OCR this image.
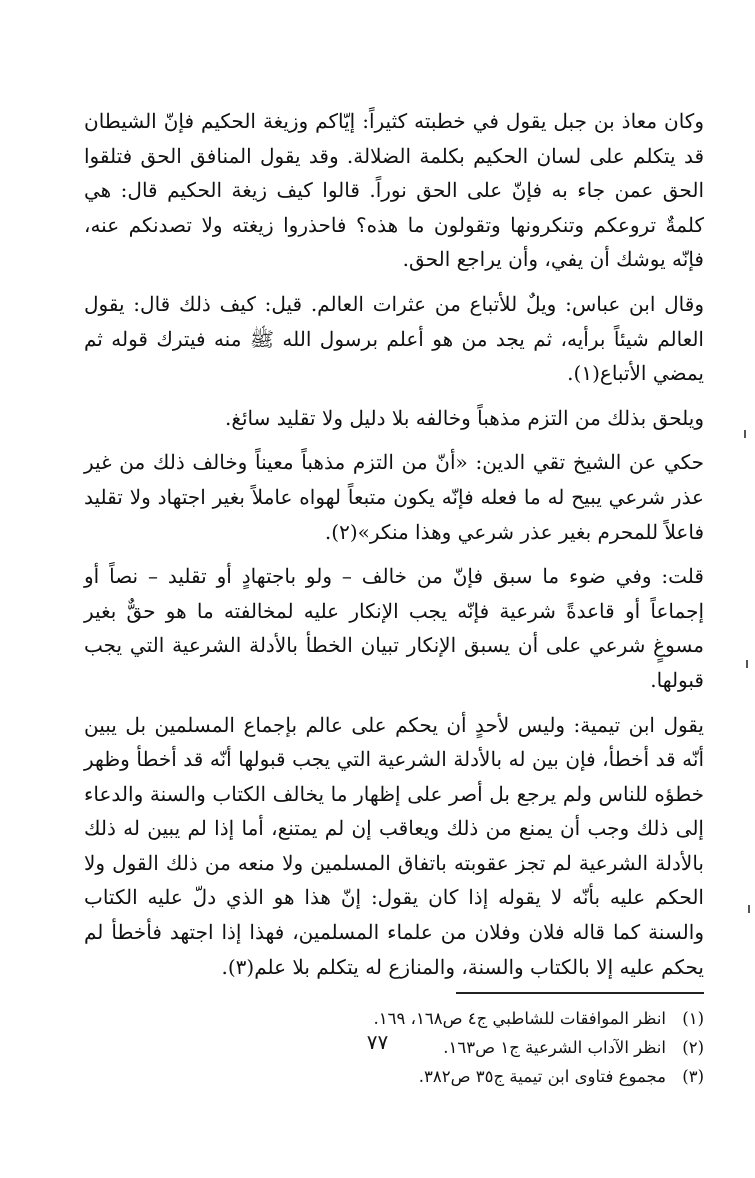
وكان معاذ بن جبل يقول في خطبته كثيراً: إيّاكم وزيغة الحكيم فإنّ الشيطان قد يتكلم على لسان الحكيم بكلمة الضلالة. وقد يقول المنافق الحق فتلقوا الحق عمن جاء به فإنّ على الحق نوراً. قالوا كيف زيغة الحكيم قال: هي كلمةٌ تروعكم وتنكرونها وتقولون ما هذه؟ فاحذروا زيغته ولا تصدنكم عنه، فإنّه يوشك أن يفي، وأن يراجع الحق.

وقال ابن عباس: ويلٌ للأتباع من عثرات العالم. قيل: كيف ذلك قال: يقول العالم شيئاً برأيه، ثم يجد من هو أعلم برسول الله ﷺ منه فيترك قوله ثم يمضي الأتباع(١).

ويلحق بذلك من التزم مذهباً وخالفه بلا دليل ولا تقليد سائغ.

حكي عن الشيخ تقي الدين: «أنّ من التزم مذهباً معيناً وخالف ذلك من غير عذر شرعي يبيح له ما فعله فإنّه يكون متبعاً لهواه عاملاً بغير اجتهاد ولا تقليد فاعلاً للمحرم بغير عذر شرعي وهذا منكر»(٢).

قلت: وفي ضوء ما سبق فإنّ من خالف – ولو باجتهادٍ أو تقليد – نصاً أو إجماعاً أو قاعدةً شرعية فإنّه يجب الإنكار عليه لمخالفته ما هو حقٌّ بغير مسوغٍ شرعي على أن يسبق الإنكار تبيان الخطأ بالأدلة الشرعية التي يجب قبولها.

يقول ابن تيمية: وليس لأحدٍ أن يحكم على عالم بإجماع المسلمين بل يبين أنّه قد أخطأ، فإن بين له بالأدلة الشرعية التي يجب قبولها أنّه قد أخطأ وظهر خطؤه للناس ولم يرجع بل أصر على إظهار ما يخالف الكتاب والسنة والدعاء إلى ذلك وجب أن يمنع من ذلك ويعاقب إن لم يمتنع، أما إذا لم يبين له ذلك بالأدلة الشرعية لم تجز عقوبته باتفاق المسلمين ولا منعه من ذلك القول ولا الحكم عليه بأنّه لا يقوله إذا كان يقول: إنّ هذا هو الذي دلّ عليه الكتاب والسنة كما قاله فلان وفلان من علماء المسلمين، فهذا إذا اجتهد فأخطأ لم يحكم عليه إلا بالكتاب والسنة، والمنازع له يتكلم بلا علم(٣).

(١)
انظر الموافقات للشاطبي ج٤ ص١٦٨، ١٦٩.
(٢)
انظر الآداب الشرعية ج١ ص١٦٣.
(٣)
مجموع فتاوى ابن تيمية ج٣٥ ص٣٨٢.
٧٧
